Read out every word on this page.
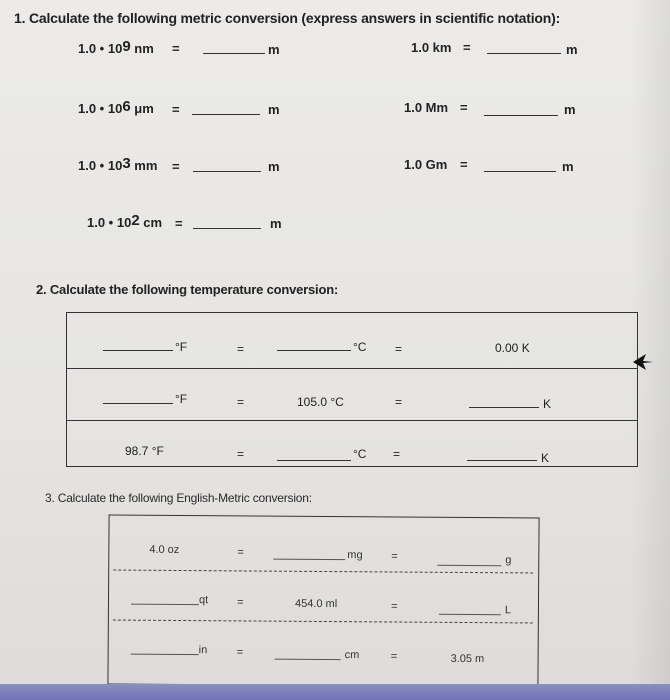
1. Calculate the following metric conversion (express answers in scientific notation):
1.0 • $10^9$ nm =	m
1.0 • $10^6$ μm =	m
1.0 • $10^3$ mm =	m
1.0 • $10^2$ cm =	m
1.0 km =	m
1.0 Mm =	m
1.0 Gm =	m
2. Calculate the following temperature conversion:
°F	=	°C =	0.00 K
°F	=	105.0 °C	=	K
98.7 °F	=	°C =	K
3. Calculate the following English-Metric conversion:
4.0 oz	=	mg	=	g
qt	=	454.0 ml	=	L
in	=	cm	=	3.05 m
